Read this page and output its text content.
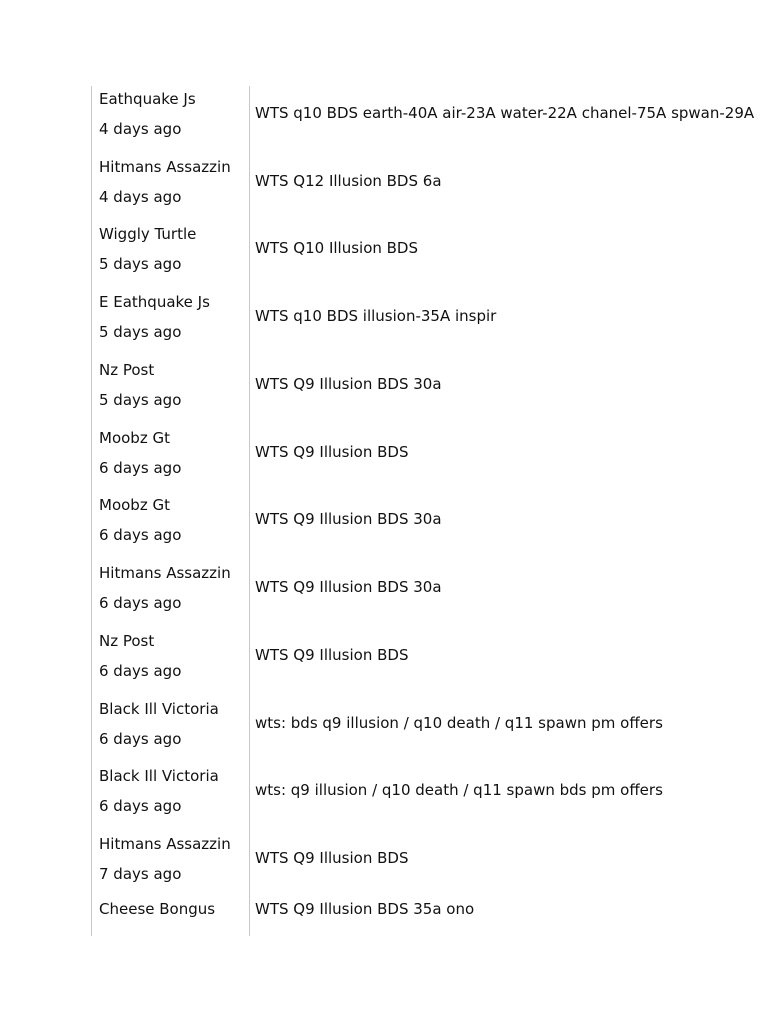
Eathquake Js
4 days ago
WTS q10 BDS earth-40A air-23A water-22A chanel-75A spwan-29A
Hitmans Assazzin
4 days ago
WTS Q12 Illusion BDS 6a
Wiggly Turtle
5 days ago
WTS Q10 Illusion BDS
E Eathquake Js
5 days ago
WTS q10 BDS illusion-35A inspir
Nz Post
5 days ago
WTS Q9 Illusion BDS 30a
Moobz Gt
6 days ago
WTS Q9 Illusion BDS
Moobz Gt
6 days ago
WTS Q9 Illusion BDS 30a
Hitmans Assazzin
6 days ago
WTS Q9 Illusion BDS 30a
Nz Post
6 days ago
WTS Q9 Illusion BDS
Black Ill Victoria
6 days ago
wts: bds q9 illusion / q10 death / q11 spawn pm offers
Black Ill Victoria
6 days ago
wts: q9 illusion / q10 death / q11 spawn bds pm offers
Hitmans Assazzin
7 days ago
WTS Q9 Illusion BDS
Cheese Bongus	WTS Q9 Illusion BDS 35a ono
